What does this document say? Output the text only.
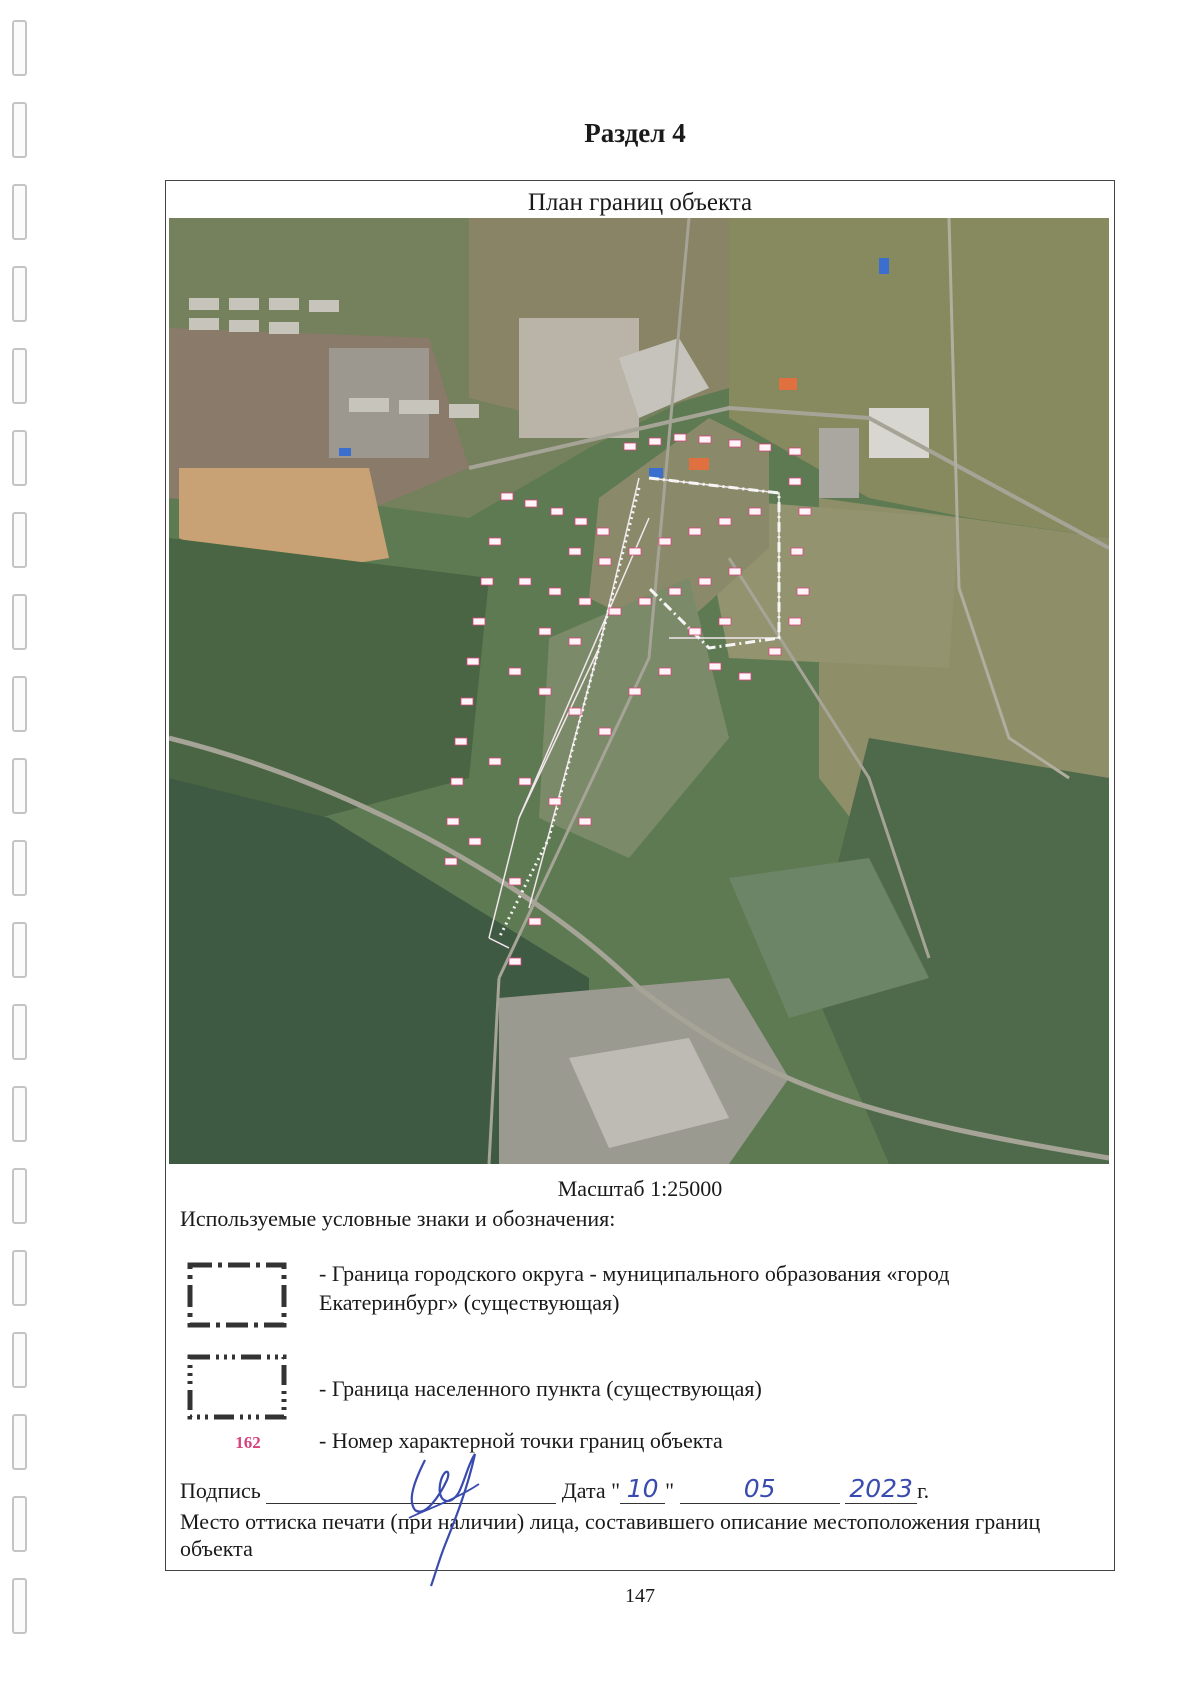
Раздел 4
План границ объекта
Масштаб 1:25000
Используемые условные знаки и обозначения:
- Граница городского округа - муниципального образования «город
Екатеринбург» (существующая)
- Граница населенного пункта (существующая)
162	- Номер характерной точки границ объекта
Подпись	Дата " 10 "	05
	2023 г.
Место оттиска печати (при наличии) лица, составившего описание местоположения границ объекта
147
